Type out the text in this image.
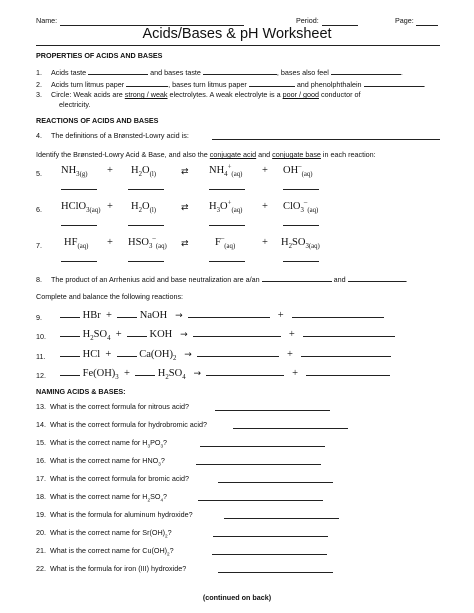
Name:	Period:	Page:
Acids/Bases & pH Worksheet
PROPERTIES OF ACIDS AND BASES
1. Acids taste	and bases taste	, bases also feel	.
2. Acids turn litmus paper	, bases turn litmus paper	and phenolphthalein	.
3. Circle: Weak acids are strong / weak electrolytes. A weak electrolyte is a poor / good conductor of
electricity.
REACTIONS OF ACIDS AND BASES
4. The definitions of a Brønsted-Lowry acid is:
Identify the Brønsted-Lowry Acid & Base, and also the conjugate acid and conjugate base in each reaction:
5. $NH_{3(g)} + H_2O_{(l)}$	⇄ $NH_4^+_{(aq)} + OH^-_{(aq)}$
6. HClO$_{3(aq)}$ + $H_2O_{(l)}$	⇄ $H_3O^+_{(aq)} + ClO_3^-_{(aq)}$
7. $HF_{(aq)} + HSO_3^-_{(aq)}$ ⇄	$F^-_{(aq)}$	+ $H_2SO_{3(aq)}$
8. The product of an Arrhenius acid and base neutralization are a/an	and	.
Complete and balance the following reactions:
9.	HBr +	NaOH →	+
10.	$H_2SO_4$ +	KOH →	+
11.	HCl +	$Ca(OH)_2$ →	+
12.	$Fe(OH)_3$ +	$H_2SO_4$ →	+
NAMING ACIDS & BASES:
13. What is the correct formula for nitrous acid?
14. What is the correct formula for hydrobromic acid?
15. What is the correct name for $H_3PO_3$?
16. What is the correct name for $HNO_3$?
17. What is the correct formula for bromic acid?
18. What is the correct name for $H_2SO_4$?
19. What is the formula for aluminum hydroxide?
20. What is the correct name for $Sr(OH)_2$?
21. What is the correct name for $Cu(OH)_2$?
22. What is the formula for iron (III) hydroxide?
(continued on back)
